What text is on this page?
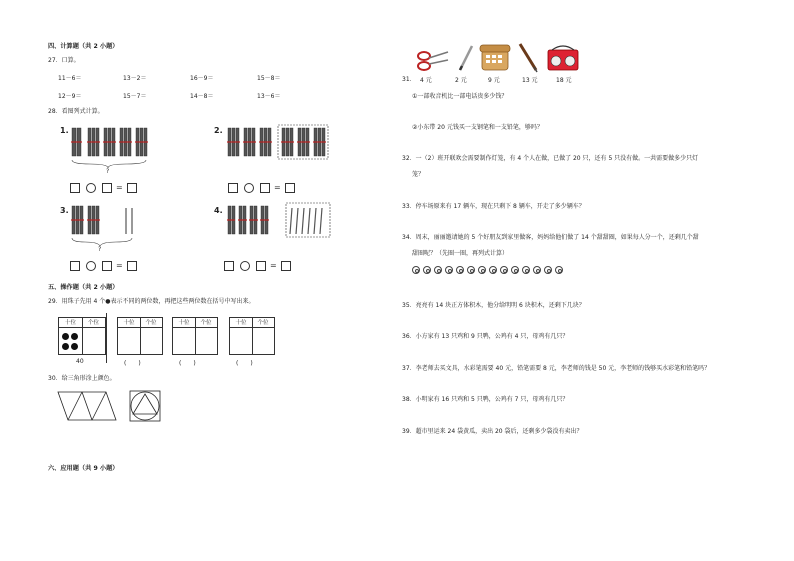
四、计算题（共 2 小题）
27．口算。
11－6＝	13－2＝	16－9＝	15－8＝
12－9＝	15－7＝	14－8＝	13－6＝
28．看图列式计算。
1.
?
=
2.
=
3.
?
=
4.
=
五、操作题（共 2 小题）
29．用珠子先用 4 个●表示不同的两位数，再把这些两位数在括号中写出来。
十位	个位
40
十位	个位
(　　)
十位	个位
(　　)
十位	个位
(　　)
30．给三角形涂上颜色。
六、应用题（共 9 小题）
31． 4 元	2 元	9 元	13 元	18 元
①一部收音机比一部电话贵多少钱？
②小东带 20 元钱买一支钢笔和一支铅笔，够吗？
32．一（2）班开联欢会需要制作灯笼，有 4 个人在做，已做了 20 只，还有 5 只没有做。一共需要做多少只灯
笼？
33．停车场原来有 17 辆车，现在只剩下 8 辆车，开走了多少辆车？
34．周末，丽丽邀请她的 5 个好朋友到家里做客，妈妈给他们做了 14 个甜甜圈，如果每人分一个，还剩几个甜
甜圈呢？（先圈一圈，再列式计算）
35．亮亮有 14 块正方体积木，他分给明明 6 块积木，还剩下几块？
36．小方家有 13 只鸡和 9 只鸭，公鸡有 4 只，母鸡有几只？
37．李老师去买文具，水彩笔需要 40 元，铅笔需要 8 元，李老师的钱是 50 元，李老师的钱够买水彩笔和铅笔吗？
38．小明家有 16 只鸡和 5 只鸭，公鸡有 7 只，母鸡有几只？
39．超市里运来 24 袋黄瓜，卖出 20 袋后，还剩多少袋没有卖出？
